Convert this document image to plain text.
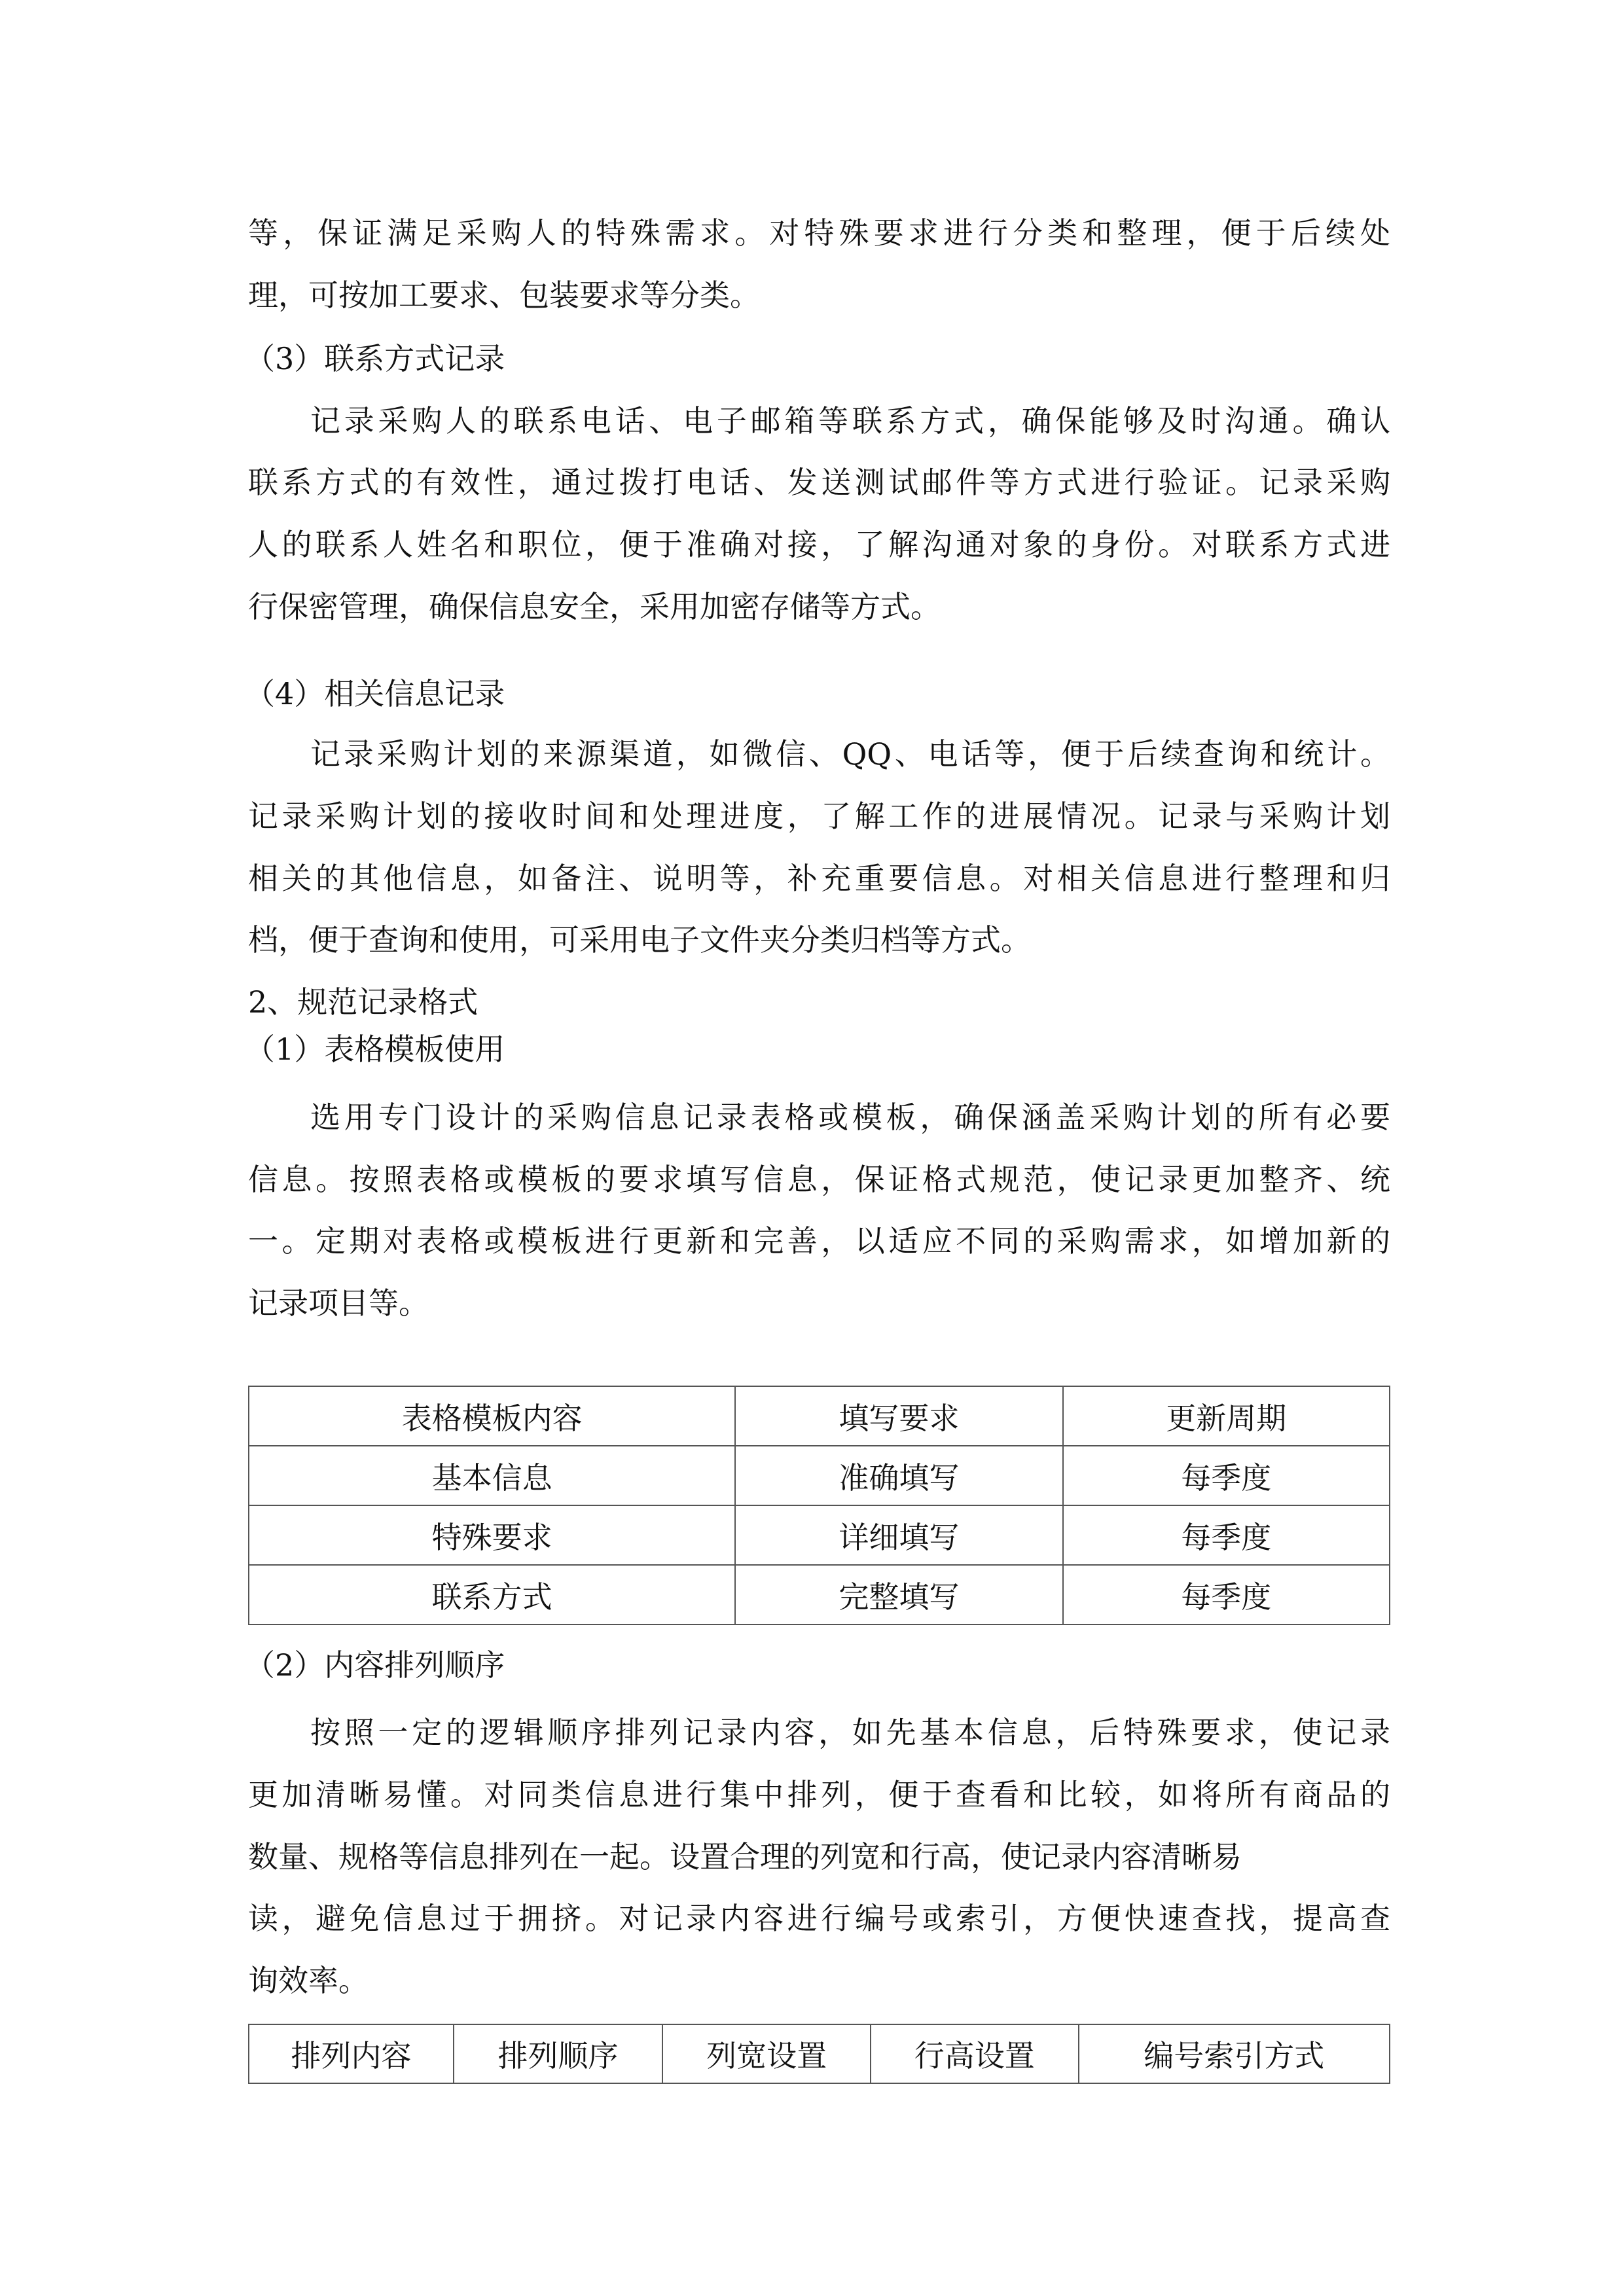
等，保证满足采购人的特殊需求。对特殊要求进行分类和整理，便于后续处
理，可按加工要求、包装要求等分类。
（3）联系方式记录
记录采购人的联系电话、电子邮箱等联系方式，确保能够及时沟通。确认
联系方式的有效性，通过拨打电话、发送测试邮件等方式进行验证。记录采购
人的联系人姓名和职位，便于准确对接，了解沟通对象的身份。对联系方式进
行保密管理，确保信息安全，采用加密存储等方式。
（4）相关信息记录
记录采购计划的来源渠道，如微信、QQ、电话等，便于后续查询和统计。
记录采购计划的接收时间和处理进度，了解工作的进展情况。记录与采购计划
相关的其他信息，如备注、说明等，补充重要信息。对相关信息进行整理和归
档，便于查询和使用，可采用电子文件夹分类归档等方式。
2、规范记录格式
（1）表格模板使用
选用专门设计的采购信息记录表格或模板，确保涵盖采购计划的所有必要
信息。按照表格或模板的要求填写信息，保证格式规范，使记录更加整齐、统
一。定期对表格或模板进行更新和完善，以适应不同的采购需求，如增加新的
记录项目等。
表格模板内容	填写要求	更新周期
基本信息	准确填写	每季度
特殊要求	详细填写	每季度
联系方式	完整填写	每季度
（2）内容排列顺序
按照一定的逻辑顺序排列记录内容，如先基本信息，后特殊要求，使记录
更加清晰易懂。对同类信息进行集中排列，便于查看和比较，如将所有商品的
数量、规格等信息排列在一起。设置合理的列宽和行高，使记录内容清晰易
读，避免信息过于拥挤。对记录内容进行编号或索引，方便快速查找，提高查
询效率。
排列内容	排列顺序	列宽设置	行高设置	编号索引方式
